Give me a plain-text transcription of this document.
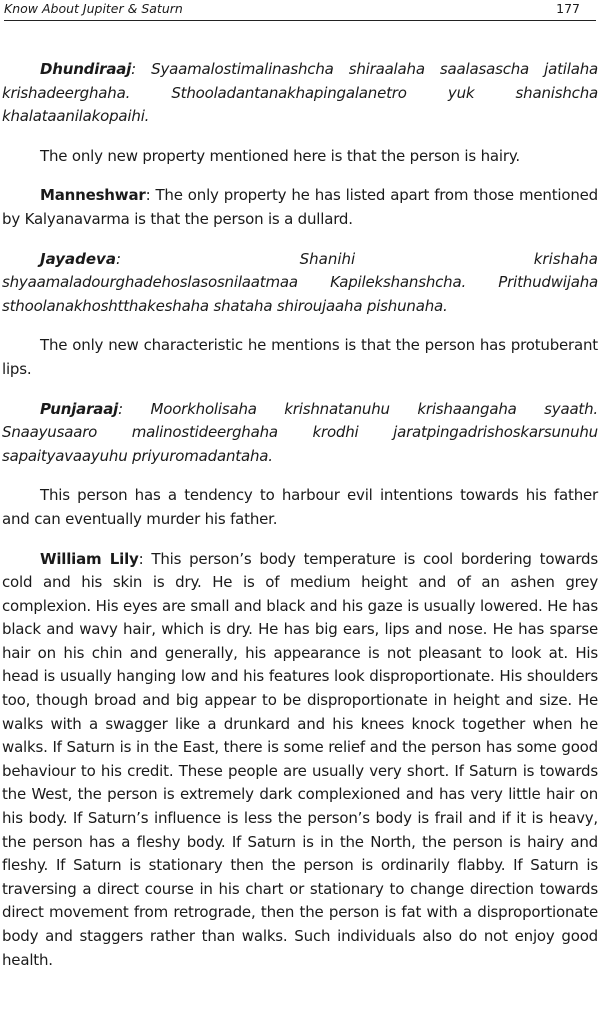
Know About Jupiter & Saturn	177

Dhundiraaj: Syaamalostimalinashcha shiraalaha saalasascha jatilaha krishadeerghaha. Sthooladantanakhapingalanetro yuk shanishcha khalataanilakopaihi.

The only new property mentioned here is that the person is hairy.

Manneshwar: The only property he has listed apart from those mentioned by Kalyanavarma is that the person is a dullard.

Jayadeva:	Shanihi	krishaha

shyaamaladourghadehoslasosnilaatmaa Kapilekshanshcha. Prithudwijaha sthoolanakhoshtthakeshaha shataha shiroujaaha pishunaha.

The only new characteristic he mentions is that the person has protuberant lips.

Punjaraaj: Moorkholisaha krishnatanuhu krishaangaha syaath. Snaayusaaro malinostideerghaha krodhi jaratpingadrishoskarsunuhu sapaityavaayuhu priyuromadantaha.

This person has a tendency to harbour evil intentions towards his father and can eventually murder his father.

William Lily: This person’s body temperature is cool bordering towards cold and his skin is dry. He is of medium height and of an ashen grey complexion. His eyes are small and black and his gaze is usually lowered. He has black and wavy hair, which is dry. He has big ears, lips and nose. He has sparse hair on his chin and generally, his appearance is not pleasant to look at. His head is usually hanging low and his features look disproportionate. His shoulders too, though broad and big appear to be disproportionate in height and size. He walks with a swagger like a drunkard and his knees knock together when he walks. If Saturn is in the East, there is some relief and the person has some good behaviour to his credit. These people are usually very short. If Saturn is towards the West, the person is extremely dark complexioned and has very little hair on his body. If Saturn’s influence is less the person’s body is frail and if it is heavy, the person has a fleshy body. If Saturn is in the North, the person is hairy and fleshy. If Saturn is stationary then the person is ordinarily flabby. If Saturn is traversing a direct course in his chart or stationary to change direction towards direct movement from retrograde, then the person is fat with a disproportionate body and staggers rather than walks. Such individuals also do not enjoy good health.
